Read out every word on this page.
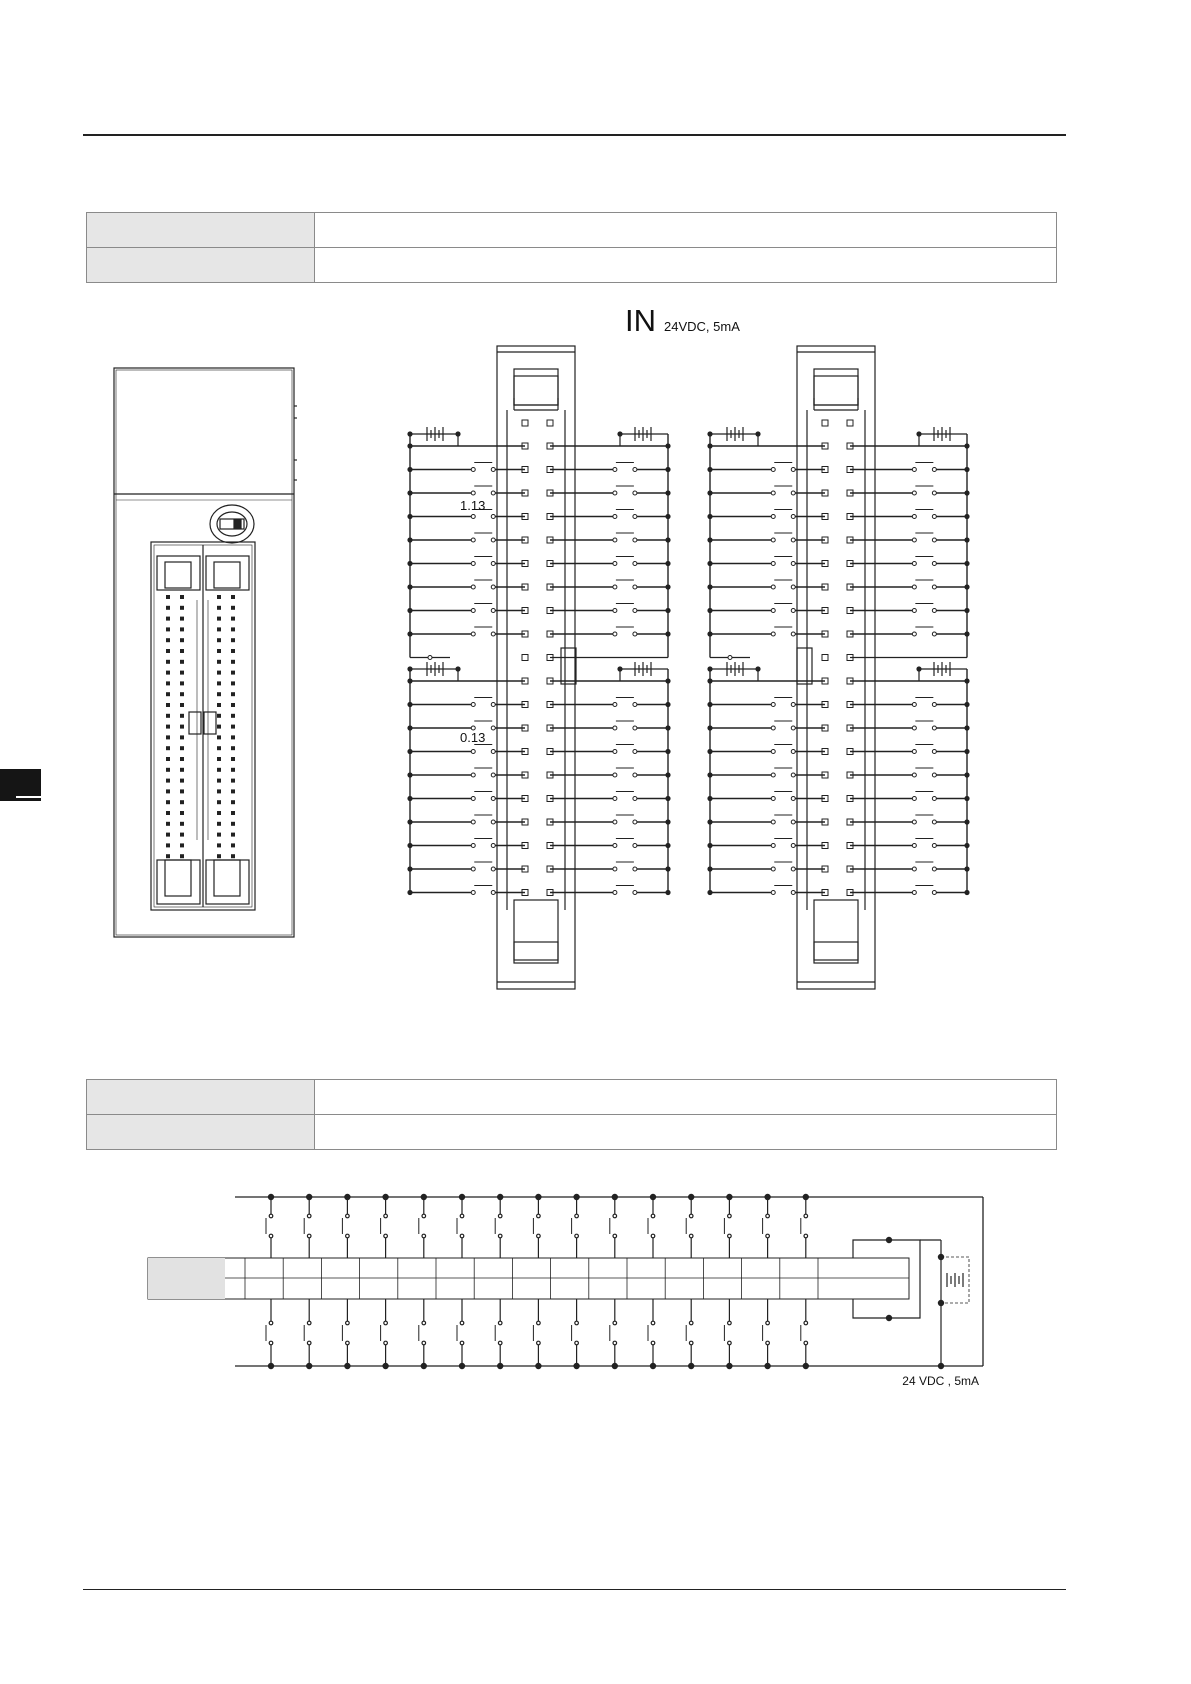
IN 24VDC, 5mA
1.13
0.13
24 VDC , 5mA
